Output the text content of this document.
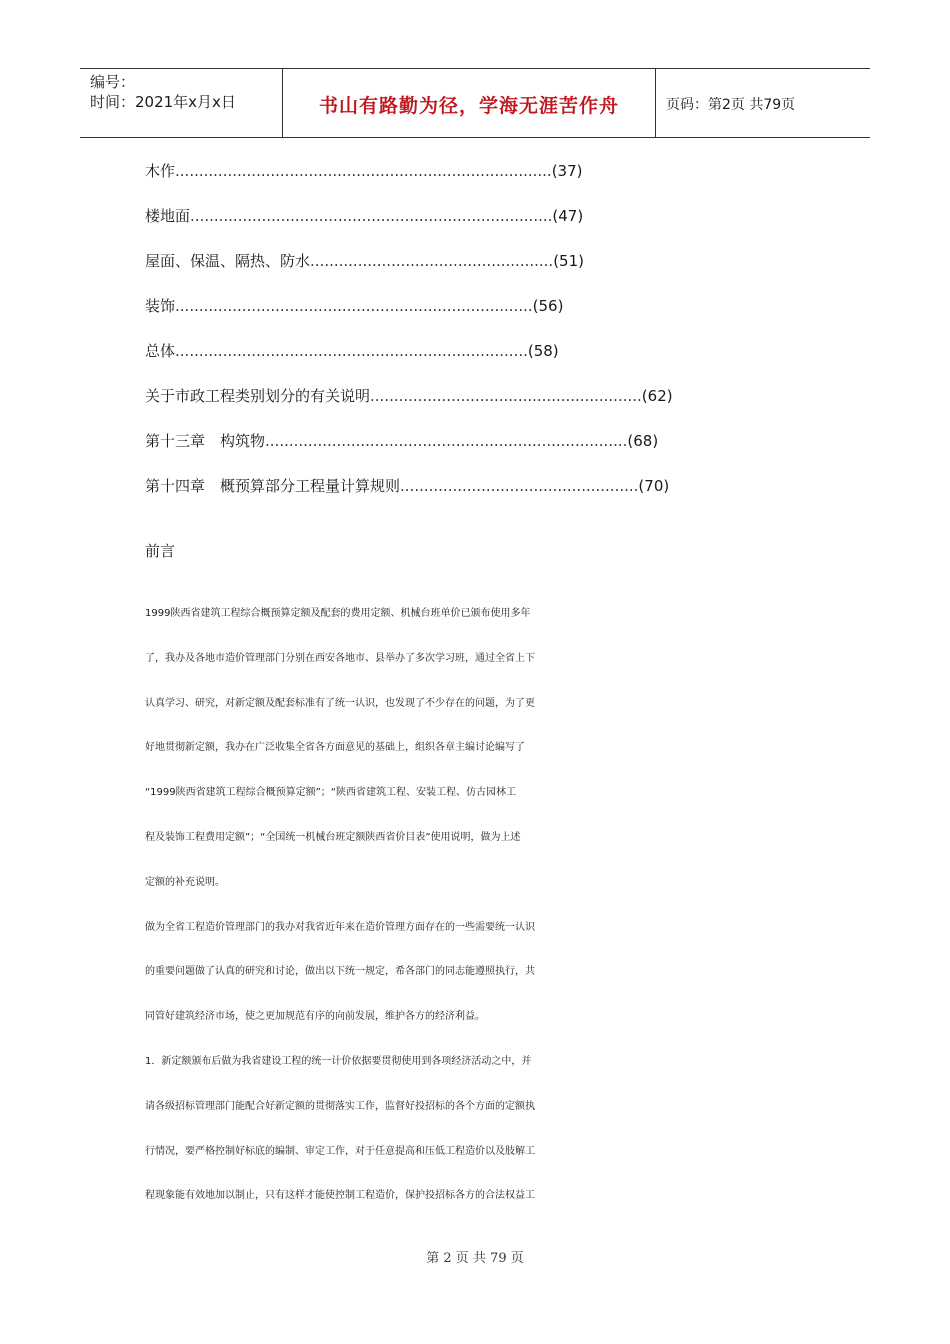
编号：
时间：2021年x月x日	书山有路勤为径，学海无涯苦作舟	页码：第2页 共79页
木作...............................................................................(37)
楼地面............................................................................(47)
屋面、保温、隔热、防水...................................................(51)
装饰...........................................................................(56)
总体..........................................................................(58)
关于市政工程类别划分的有关说明.........................................................(62)
第十三章　构筑物............................................................................(68)
第十四章　概预算部分工程量计算规则..................................................(70)
前言
1999陕西省建筑工程综合概预算定额及配套的费用定额、机械台班单价已颁布使用多年
了，我办及各地市造价管理部门分别在西安各地市、县举办了多次学习班，通过全省上下
认真学习、研究，对新定额及配套标准有了统一认识，也发现了不少存在的问题，为了更
好地贯彻新定额，我办在广泛收集全省各方面意见的基础上，组织各章主编讨论编写了
“1999陕西省建筑工程综合概预算定额”；“陕西省建筑工程、安装工程、仿古园林工
程及装饰工程费用定额”；“全国统一机械台班定额陕西省价目表”使用说明，做为上述
定额的补充说明。
做为全省工程造价管理部门的我办对我省近年来在造价管理方面存在的一些需要统一认识
的重要问题做了认真的研究和讨论，做出以下统一规定，希各部门的同志能遵照执行，共
同管好建筑经济市场，使之更加规范有序的向前发展，维护各方的经济利益。
1．新定额颁布后做为我省建设工程的统一计价依据要贯彻使用到各项经济活动之中，并
请各级招标管理部门能配合好新定额的贯彻落实工作，监督好投招标的各个方面的定额执
行情况，要严格控制好标底的编制、审定工作，对于任意提高和压低工程造价以及肢解工
程现象能有效地加以制止，只有这样才能使控制工程造价，保护投招标各方的合法权益工
第 2 页 共 79 页
